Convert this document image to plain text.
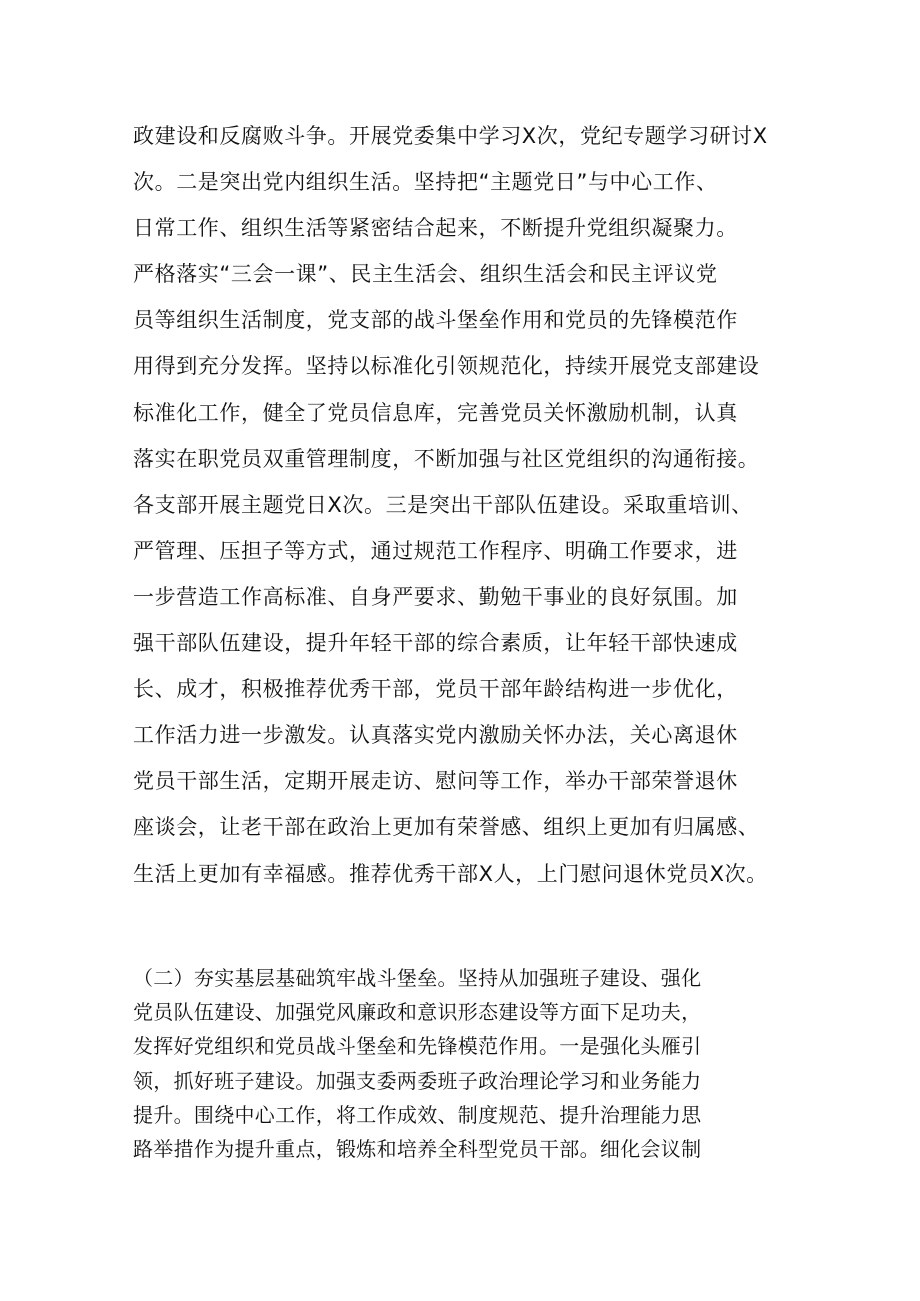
政建设和反腐败斗争。开展党委集中学习X次，党纪专题学习研讨X
次。二是突出党内组织生活。坚持把“主题党日”与中心工作、
日常工作、组织生活等紧密结合起来，不断提升党组织凝聚力。
严格落实“三会一课”、民主生活会、组织生活会和民主评议党
员等组织生活制度，党支部的战斗堡垒作用和党员的先锋模范作
用得到充分发挥。坚持以标准化引领规范化，持续开展党支部建设
标准化工作，健全了党员信息库，完善党员关怀激励机制，认真
落实在职党员双重管理制度，不断加强与社区党组织的沟通衔接。
各支部开展主题党日X次。三是突出干部队伍建设。采取重培训、
严管理、压担子等方式，通过规范工作程序、明确工作要求，进
一步营造工作高标准、自身严要求、勤勉干事业的良好氛围。加
强干部队伍建设，提升年轻干部的综合素质，让年轻干部快速成
长、成才，积极推荐优秀干部，党员干部年龄结构进一步优化，
工作活力进一步激发。认真落实党内激励关怀办法，关心离退休
党员干部生活，定期开展走访、慰问等工作，举办干部荣誉退休
座谈会，让老干部在政治上更加有荣誉感、组织上更加有归属感、
生活上更加有幸福感。推荐优秀干部X人，上门慰问退休党员X次。
（二）夯实基层基础筑牢战斗堡垒。坚持从加强班子建设、强化
党员队伍建设、加强党风廉政和意识形态建设等方面下足功夫，
发挥好党组织和党员战斗堡垒和先锋模范作用。一是强化头雁引
领，抓好班子建设。加强支委两委班子政治理论学习和业务能力
提升。围绕中心工作，将工作成效、制度规范、提升治理能力思
路举措作为提升重点，锻炼和培养全科型党员干部。细化会议制
